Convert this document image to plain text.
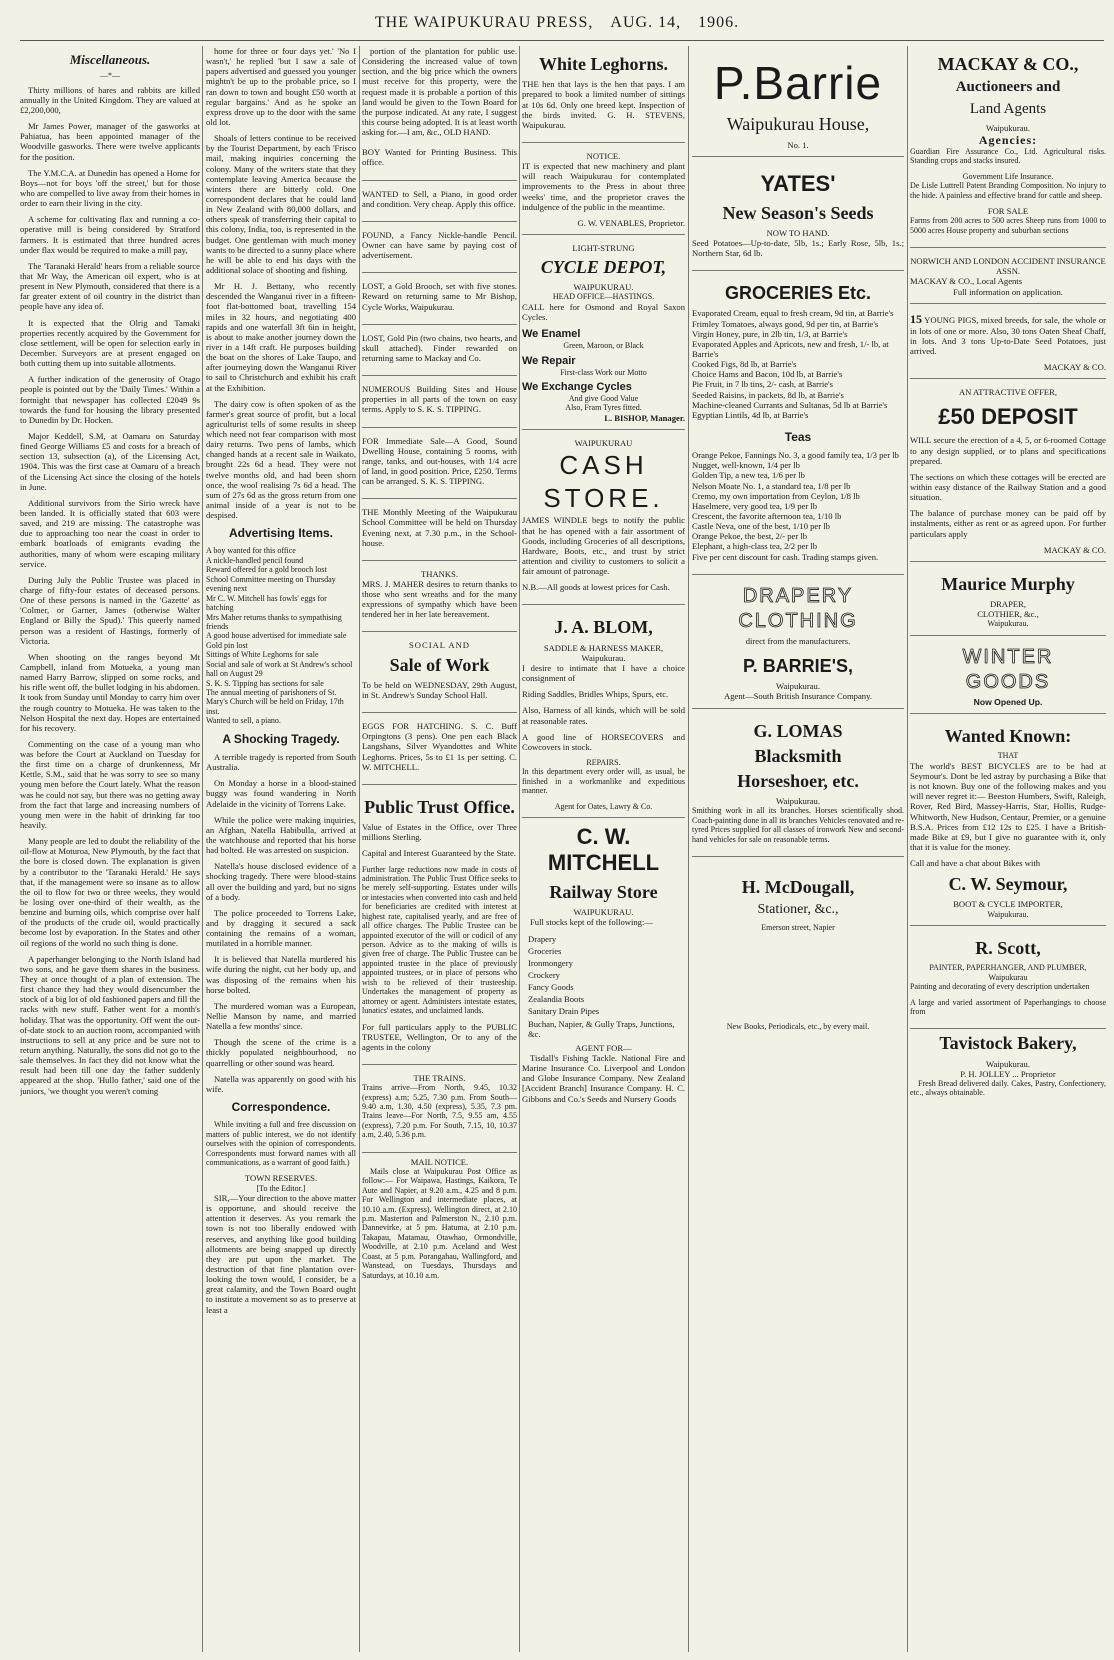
THE WAIPUKURAU PRESS, AUG. 14, 1906.
Miscellaneous.
—*—

Thirty millions of hares and rabbits are killed annually in the United Kingdom. They are valued at £2,200,000,

Mr James Power, manager of the gasworks at Pahiatua, has been appointed manager of the Woodville gasworks. There were twelve applicants for the position.

The Y.M.C.A. at Dunedin has opened a Home for Boys—not for boys 'off the street,' but for those who are compelled to live away from their homes in order to earn their living in the city.

A scheme for cultivating flax and running a co-operative mill is being considered by Stratford farmers. It is estimated that three hundred acres under flax would be required to make a mill pay,

The 'Taranaki Herald' hears from a reliable source that Mr Way, the American oil expert, who is at present in New Plymouth, considered that there is a far greater extent of oil country in the district than people have any idea of.

It is expected that the Olrig and Tamaki properties recently acquired by the Government for close settlement, will be open for selection early in December. Surveyors are at present engaged on both cutting them up into suitable allotments.

A further indication of the generosity of Otago people is pointed out by the 'Daily Times.' Within a fortnight that newspaper has collected £2049 9s towards the fund for housing the library presented to Dunedin by Dr. Hocken.

Major Keddell, S.M, at Oamaru on Saturday fined George Williams £5 and costs for a breach of section 13, subsection (a), of the Licensing Act, 1904. This was the first case at Oamaru of a breach of the Licensing Act since the closing of the hotels in June.

Additional survivors from the Sirio wreck have been landed. It is officially stated that 603 were saved, and 219 are missing. The catastrophe was due to approaching too near the coast in order to embark boatloads of emigrants evading the authorities, many of whom were escaping military service.

During July the Public Trustee was placed in charge of fifty-four estates of deceased persons. One of these persons is named in the 'Gazette' as 'Colmer, or Garner, James (otherwise Walter England or Billy the Spud).' This queerly named person was a resident of Hastings, formerly of Victoria.

When shooting on the ranges beyond Mt Campbell, inland from Motueka, a young man named Harry Barrow, slipped on some rocks, and his rifle went off, the bullet lodging in his abdomen. It took from Sunday until Monday to carry him over the rough country to Motueka. He was taken to the Nelson Hospital the next day. Hopes are entertained for his recovery.

Commenting on the case of a young man who was before the Court at Auckland on Tuesday for the first time on a charge of drunkenness, Mr Kettle, S.M., said that he was sorry to see so many young men before the Court lately. What the reason was he could not say, but there was no getting away from the fact that large and increasing numbers of young men were in the habit of drinking far too heavily.

Many people are led to doubt the reliability of the oil-flow at Moturoa, New Plymouth, by the fact that the bore is closed down. The explanation is given by a contributor to the 'Taranaki Herald.' He says that, if the management were so insane as to allow the oil to flow for two or three weeks, they would be losing over one-third of their wealth, as the benzine and burning oils, which comprise over half of the products of the crude oil, would practically become lost by evaporation. In the States and other oil regions of the world no such thing is done.

A paperhanger belonging to the North Island had two sons, and he gave them shares in the business. They at once thought of a plan of extension. The first chance they had they would disencumber the stock of a big lot of old fashioned papers and fill the racks with new stuff. Father went for a month's holiday. That was the opportunity. Off went the out-of-date stock to an auction room, accompanied with instructions to sell at any price and be sure not to return anything. Naturally, the sons did not go to the sale themselves. In fact they did not know what the result had been till one day the father suddenly appeared at the shop. 'Hullo father,' said one of the juniors, 'we thought you weren't coming

home for three or four days yet.' 'No I wasn't,' he replied 'but I saw a sale of papers advertised and guessed you younger mightn't be up to the probable price, so I ran down to town and bought £50 worth at regular bargains.' And as he spoke an express drove up to the door with the same old lot.

Shoals of letters continue to be received by the Tourist Department, by each 'Frisco mail, making inquiries concerning the colony. Many of the writers state that they contemplate leaving America because the winters there are bitterly cold. One correspondent declares that he could land in New Zealand with 80,000 dollars, and others speak of transferring their capital to this colony, India, too, is represented in the budget. One gentleman with much money wants to be directed to a sunny place where he will be able to end his days with the additional solace of shooting and fishing.

Mr H. J. Bettany, who recently descended the Wanganui river in a fifteen-foot flat-bottomed boat, travelling 154 miles in 32 hours, and negotiating 400 rapids and one waterfall 3ft 6in in height, is about to make another journey down the river in a 14ft craft. He purposes building the boat on the shores of Lake Taupo, and after journeying down the Wanganui River to sail to Christchurch and exhibit his craft at the Exhibition.

The dairy cow is often spoken of as the farmer's great source of profit, but a local agriculturist tells of some results in sheep which need not fear comparison with most dairy returns. Two pens of lambs, which changed hands at a recent sale in Waikato, brought 22s 6d a head. They were not twelve months old, and had been shorn once, the wool realising 7s 6d a head. The sum of 27s 6d as the gross return from one animal inside of a year is not to be despised.

Advertising Items.
A boy wanted for this office
A nickle-handled pencil found
Reward offered for a gold brooch lost
School Committee meeting on Thursday evening next
Mr C. W. Mitchell has fowls' eggs for hatching
Mrs Maher returns thanks to sympathising friends
A good house advertised for immediate sale
Gold pin lost
Sittings of White Leghorns for sale
Social and sale of work at St Andrew's school hall on August 29
S. K. S. Tipping has sections for sale
The annual meeting of parishoners of St. Mary's Church will be held on Friday, 17th inst.
Wanted to sell, a piano.
A Shocking Tragedy.

A terrible tragedy is reported from South Australia.

On Monday a horse in a blood-stained buggy was found wandering in North Adelaide in the vicinity of Torrens Lake.

While the police were making inquiries, an Afghan, Natella Habibulla, arrived at the watchhouse and reported that his horse had bolted. He was arrested on suspicion.

Natella's house disclosed evidence of a shocking tragedy. There were blood-stains all over the building and yard, but no signs of a body.

The police proceeded to Torrens Lake, and by dragging it secured a sack containing the remains of a woman, mutilated in a horrible manner.

It is believed that Natella murdered his wife during the night, cut her body up, and was disposing of the remains when his horse bolted.

The murdered woman was a European, Nellie Manson by name, and married Natella a few months' since.

Though the scene of the crime is a thickly populated neighbourhood, no quarrelling or other sound was heard.

Natella was apparently on good with his wife.

Correspondence.

While inviting a full and free discussion on matters of public interest, we do not identify ourselves with the opinion of correspondents. Correspondents must forward names with all communications, as a warrant of good faith.)

TOWN RESERVES.
[To the Editor.]

SIR,—Your direction to the above matter is opportune, and should receive the attention it deserves. As you remark the town is not too liberally endowed with reserves, and anything like good building allotments are being snapped up directly they are put upon the market. The destruction of that fine plantation over-looking the town would, I consider, be a great calamity, and the Town Board ought to institute a movement so as to preserve at least a

portion of the plantation for public use. Considering the increased value of town section, and the big price which the owners must receive for this property, were the request made it is probable a portion of this land would be given to the Town Board for the purpose indicated. At any rate, I suggest this course being adopted. It is at least worth asking for.—I am, &c., OLD HAND.

BOY Wanted for Printing Business. This office.

WANTED to Sell, a Piano, in good order and condition. Very cheap. Apply this office.

FOUND, a Fancy Nickle-handle Pencil. Owner can have same by paying cost of advertisement.

LOST, a Gold Brooch, set with five stones. Reward on returning same to Mr Bishop, Cycle Works, Waipukurau.

LOST, Gold Pin (two chains, two hearts, and skull attached). Finder rewarded on returning same to Mackay and Co.

NUMEROUS Building Sites and House properties in all parts of the town on easy terms. Apply to S. K. S. TIPPING.

FOR Immediate Sale—A Good, Sound Dwelling House, containing 5 rooms, with range, tanks, and out-houses, with 1/4 acre of land, in good position. Price, £250. Terms can be arranged. S. K. S. TIPPING.

THE Monthly Meeting of the Waipukurau School Committee will be held on Thursday Evening next, at 7.30 p.m., in the School-house.

THANKS.

MRS. J. MAHER desires to return thanks to those who sent wreaths and for the many expressions of sympathy which have been tendered her in her late bereavement.

SOCIAL AND
Sale of Work

To be held on WEDNESDAY, 29th August, in St. Andrew's Sunday School Hall.

EGGS FOR HATCHING. S. C. Buff Orpingtons (3 pens). One pen each Black Langshans, Silver Wyandottes and White Leghorns. Prices, 5s to £1 1s per setting. C. W. MITCHELL.

Public Trust Office.

Value of Estates in the Office, over Three millions Sterling.

Capital and Interest Guaranteed by the State.

Further large reductions now made in costs of administration. The Public Trust Office seeks to be merely self-supporting. Estates under wills or intestacies when converted into cash and held for beneficiaries are credited with interest at highest rate, capitalised yearly, and are free of all office charges. The Public Trustee can be appointed executor of the will or codicil of any person. Advice as to the making of wills is given free of charge. The Public Trustee can be appointed trustee in the place of previously appointed trustees, or in place of persons who wish to be relieved of their trusteeship. Undertakes the management of property as attorney or agent. Administers intestate estates, lunatics' estates, and unclaimed lands.

For full particulars apply to the PUBLIC TRUSTEE, Wellington, Or to any of the agents in the colony

THE TRAINS.

Trains arrive—From North, 9.45, 10.32 (express) a.m; 5.25, 7.30 p.m. From South—9.40 a.m, 1.30, 4.50 (express), 5.35, 7.3 pm. Trains leave—For North, 7.5, 9.55 am, 4.55 (express), 7.20 p.m. For South, 7.15, 10, 10.37 a.m, 2.40, 5.36 p.m.

MAIL NOTICE.

Mails close at Waipukurau Post Office as follow:— For Waipawa, Hastings, Kaikora, Te Aute and Napier, at 9.20 a.m., 4.25 and 8 p.m. For Wellington and intermediate places, at 10.10 a.m. (Express). Wellington direct, at 2.10 p.m. Masterton and Palmerston N., 2.10 p.m. Dannevirke, at 5 pm. Hatuma, at 2.10 p.m. Takapau, Matamau, Otawhao, Ormondville, Woodville, at 2.10 p.m. Aceland and West Coast, at 5 p.m. Porangahau, Wallingford, and Wanstead, on Tuesdays, Thursdays and Saturdays, at 10.10 a.m.

White Leghorns.

THE hen that lays is the hen that pays. I am prepared to book a limited number of sittings at 10s 6d. Only one breed kept. Inspection of the birds invited. G. H. STEVENS, Waipukurau.

NOTICE.

IT is expected that new machinery and plant will reach Waipukurau for contemplated improvements to the Press in about three weeks' time, and the proprietor craves the indulgence of the public in the meantime.

G. W. VENABLES, Proprietor.
LIGHT-STRUNG
CYCLE DEPOT,
WAIPUKURAU.
HEAD OFFICE—HASTINGS.

CALL here for Osmond and Royal Saxon Cycles.

We Enamel
Green, Maroon, or Black
We Repair
First-class Work our Motto
We Exchange Cycles
And give Good Value
Also, Fram Tyres fitted.
L. BISHOP, Manager.
WAIPUKURAU
CASH
STORE.

JAMES WINDLE begs to notify the public that he has opened with a fair assortment of Goods, including Groceries of all descriptions, Hardware, Boots, etc., and trust by strict attention and civility to customers to solicit a fair amount of patronage.

N.B.—All goods at lowest prices for Cash.

J. A. BLOM,
SADDLE & HARNESS MAKER,
Waipukurau.

I desire to intimate that I have a choice consignment of

Riding Saddles, Bridles Whips, Spurs, etc.

Also, Harness of all kinds, which will be sold at reasonable rates.

A good line of HORSECOVERS and Cowcovers in stock.

REPAIRS.

In this department every order will, as usual, be finished in a workmanlike and expeditious manner.

Agent for Oates, Lawry & Co.
C. W. MITCHELL
Railway Store
WAIPUKURAU.

Full stocks kept of the following:—

Drapery
Groceries
Ironmongery
Crockery
Fancy Goods
Zealandia Boots
Sanitary Drain Pipes
Buchan, Napier, & Gully Traps, Junctions, &c.
AGENT FOR—

Tisdall's Fishing Tackle. National Fire and Marine Insurance Co. Liverpool and London and Globe Insurance Company. New Zealand [Accident Branch] Insurance Company. H. C. Gibbons and Co.'s Seeds and Nursery Goods

P.Barrie
Waipukurau House,
No. 1.
YATES'
New Season's Seeds
NOW TO HAND.

Seed Potatoes—Up-to-date, 5lb, 1s.; Early Rose, 5lb, 1s.; Northern Star, 6d lb.

GROCERIES Etc.
Evaporated Cream, equal to fresh cream, 9d tin, at Barrie's
Frimley Tomatoes, always good, 9d per tin, at Barrie's
Virgin Honey, pure, in 2lb tin, 1/3, at Barrie's
Evaporated Apples and Apricots, new and fresh, 1/- lb, at Barrie's
Cooked Figs, 8d lb, at Barrie's
Choice Hams and Bacon, 10d lb, at Barrie's
Pie Fruit, in 7 lb tins, 2/- cash, at Barrie's
Seeded Raisins, in packets, 8d lb, at Barrie's
Machine-cleaned Currants and Sultanas, 5d lb at Barrie's
Egyptian Lintils, 4d lb, at Barrie's
Teas
Orange Pekoe, Fannings No. 3, a good family tea, 1/3 per lb
Nugget, well-known, 1/4 per lb
Golden Tip, a new tea, 1/6 per lb
Nelson Moate No. 1, a standard tea, 1/8 per lb
Cremo, my own importation from Ceylon, 1/8 lb
Haselmere, very good tea, 1/9 per lb
Crescent, the favorite afternoon tea, 1/10 lb
Castle Neva, one of the best, 1/10 per lb
Orange Pekoe, the best, 2/- per lb
Elephant, a high-class tea, 2/2 per lb

Five per cent discount for cash. Trading stamps given.

DRAPERY
CLOTHING
direct from the manufacturers.
P. BARRIE'S,
Waipukurau.
Agent—South British Insurance Company.
G. LOMAS
Blacksmith
Horseshoer, etc.
Waipukurau.

Smithing work in all its branches. Horses scientifically shod. Coach-painting done in all its branches Vehicles renovated and re-tyred Prices supplied for all classes of ironwork New and second-hand vehicles for sale on reasonable terms.

H. McDougall,
Stationer, &c.,
Emerson street, Napier
New Books, Periodicals, etc., by every mail.
MACKAY & CO.,
Auctioneers and
Land Agents
Waipukurau.
Agencies:

Guardian Fire Assurance Co., Ltd. Agricultural risks. Standing crops and stacks insured.

Government Life Insurance.

De Lisle Luttrell Patent Branding Composition. No injury to the hide. A painless and effective brand for cattle and sheep.

FOR SALE

Farms from 200 acres to 500 acres Sheep runs from 1000 to 5000 acres House property and suburban sections

NORWICH AND LONDON ACCIDENT INSURANCE ASSN.
MACKAY & CO., Local Agents
Full information on application.

15 YOUNG PIGS, mixed breeds, for sale, the whole or in lots of one or more. Also, 30 tons Oaten Sheaf Chaff, in lots. And 3 tons Up-to-Date Seed Potatoes, just arrived.

MACKAY & CO.
AN ATTRACTIVE OFFER,
£50 DEPOSIT

WILL secure the erection of a 4, 5, or 6-roomed Cottage to any design supplied, or to plans and specifications prepared.

The sections on which these cottages will be erected are within easy distance of the Railway Station and a good situation.

The balance of purchase money can be paid off by instalments, either as rent or as agreed upon. For further particulars apply

MACKAY & CO.
Maurice Murphy
DRAPER,
CLOTHIER, &c.,
Waipukurau.
WINTER
GOODS
Now Opened Up.
Wanted Known:
THAT

The world's BEST BICYCLES are to be had at Seymour's. Dont be led astray by purchasing a Bike that is not known. Buy one of the following makes and you will never regret it:— Beeston Humbers, Swift, Raleigh, Rover, Red Bird, Massey-Harris, Star, Hollis, Rudge-Whitworth, New Hudson, Centaur, Premier, or a genuine B.S.A. Prices from £12 12s to £25. I have a British-made Bike at £9, but I give no guarantee with it, only that it is value for the money.

Call and have a chat about Bikes with

C. W. Seymour,
BOOT & CYCLE IMPORTER,
Waipukurau.
R. Scott,
PAINTER, PAPERHANGER, AND PLUMBER,
Waipukurau

Painting and decorating of every description undertaken

A large and varied assortment of Paperhangings to choose from

Tavistock Bakery,
Waipukurau.
P. H. JOLLEY ... Proprietor

Fresh Bread delivered daily. Cakes, Pastry, Confectionery, etc., always obtainable.
